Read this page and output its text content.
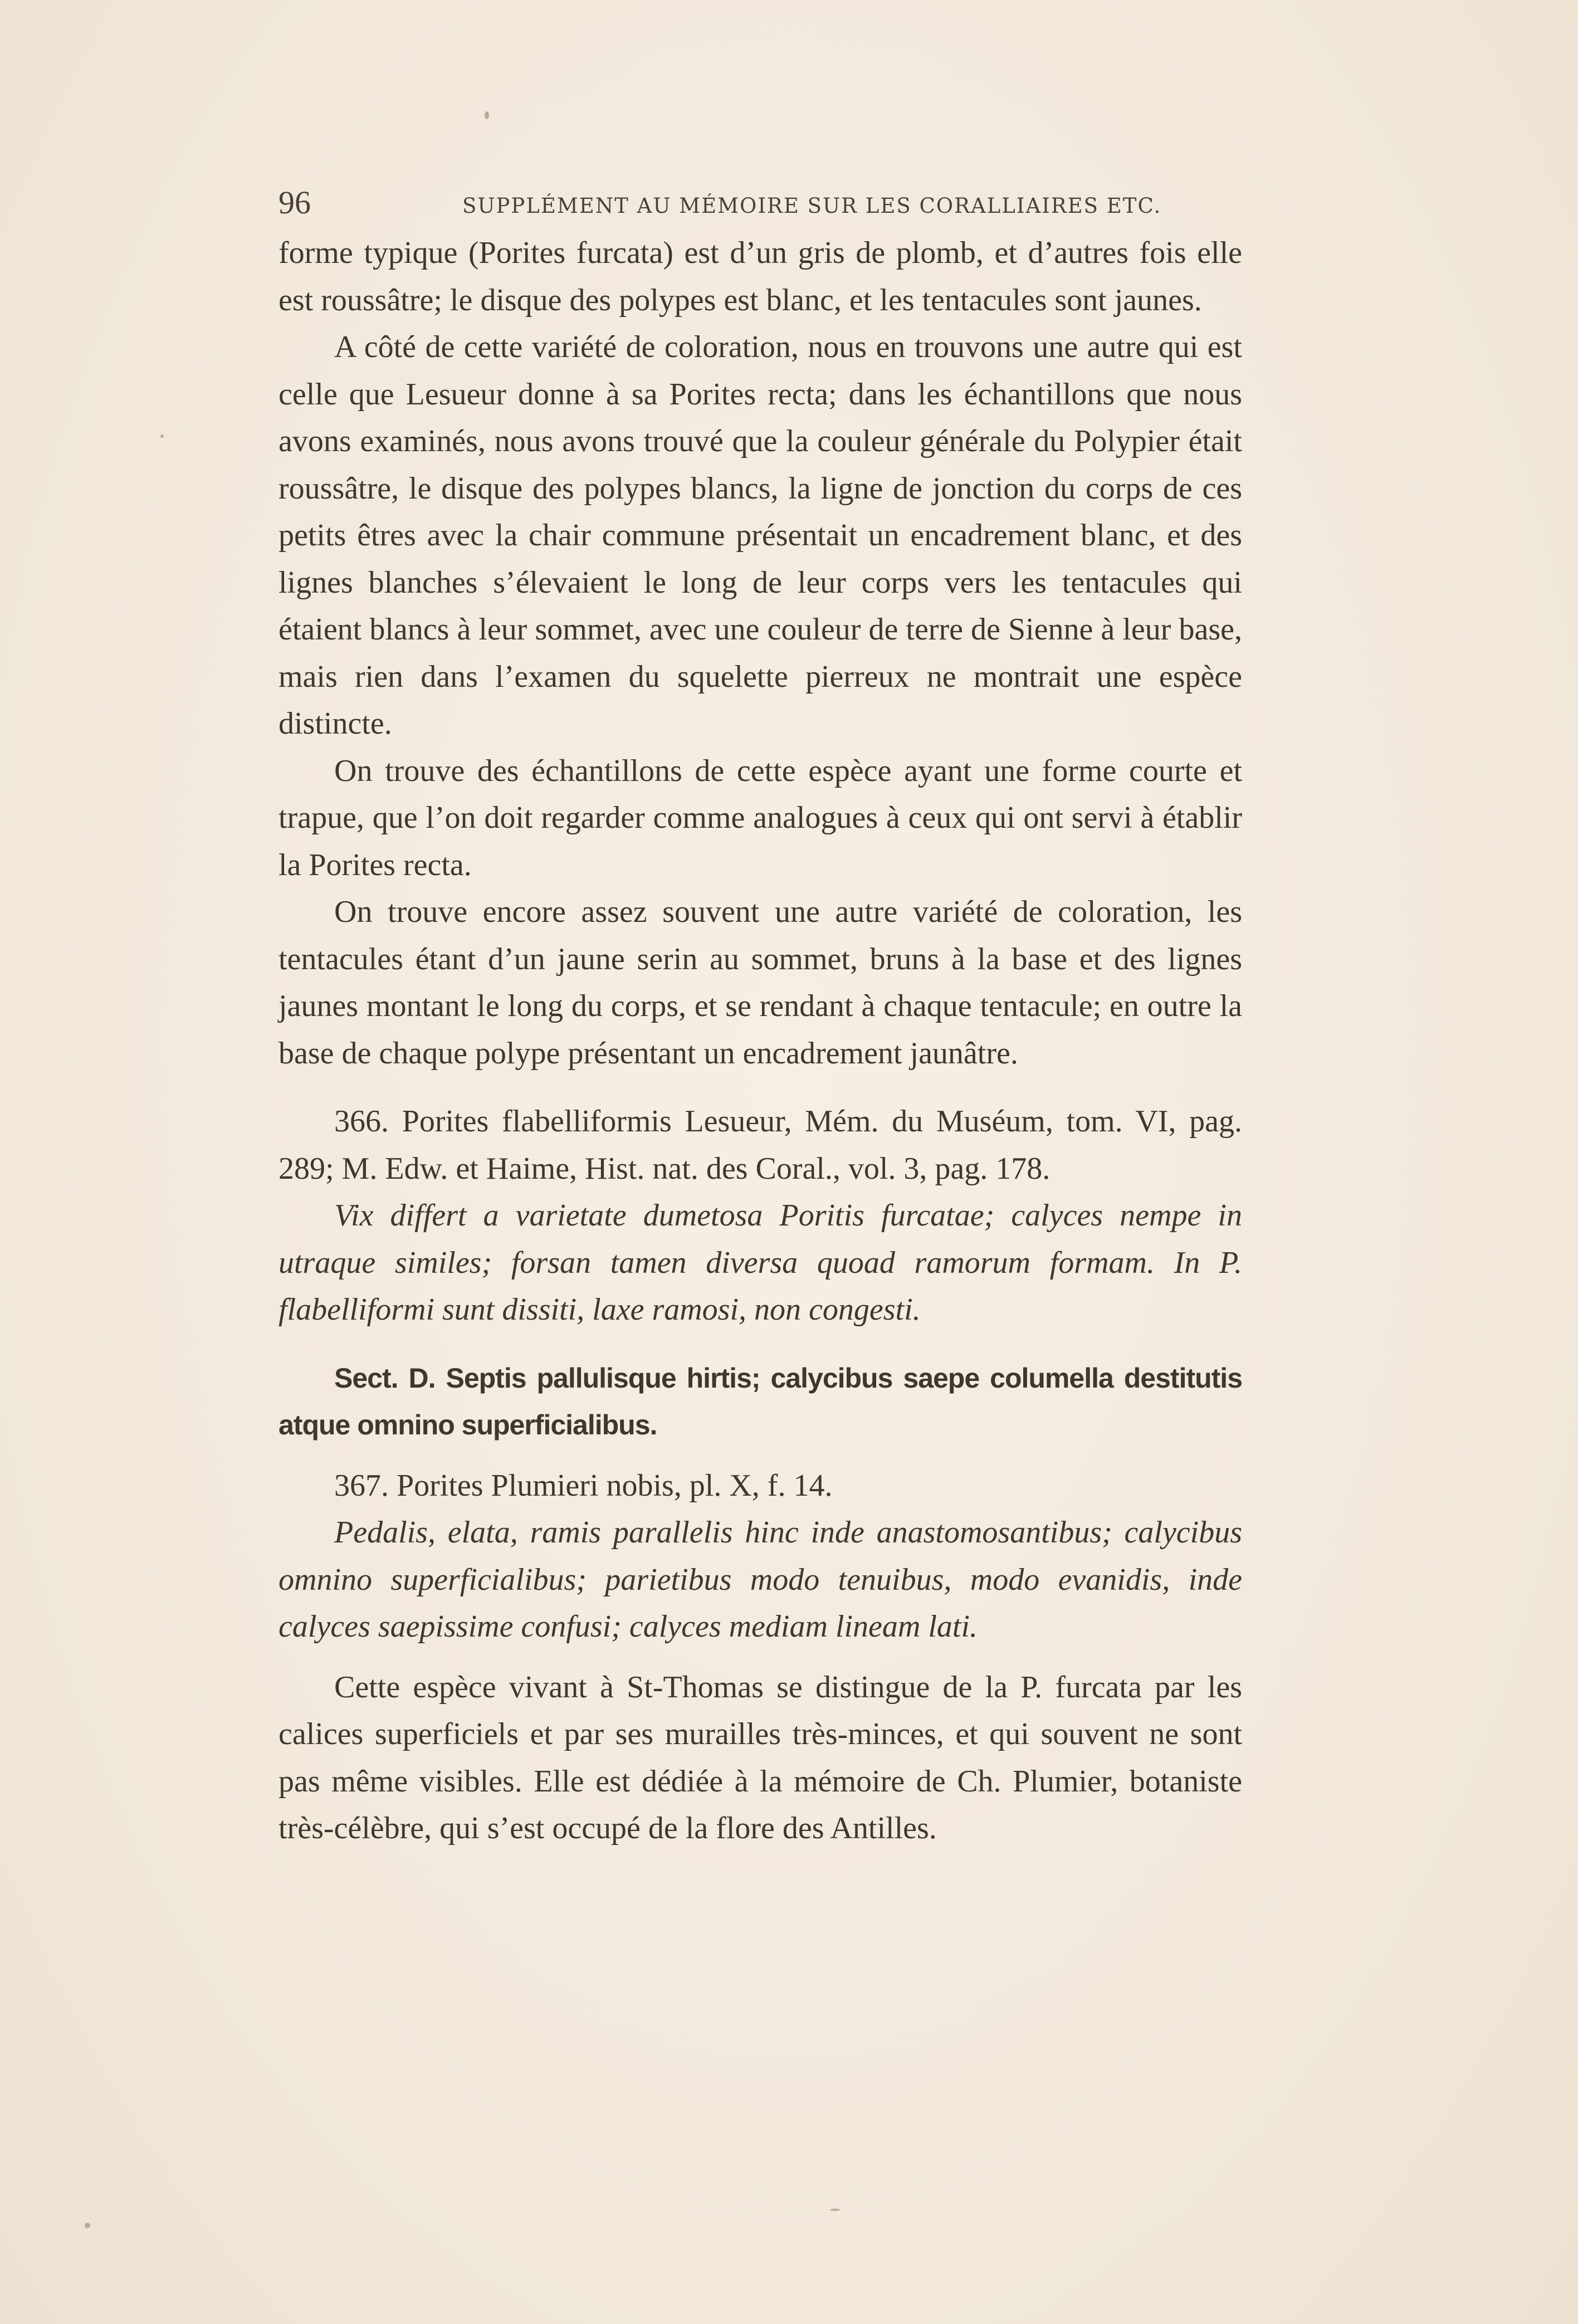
96	SUPPLÉMENT AU MÉMOIRE SUR LES CORALLIAIRES ETC.

forme typique (Porites furcata) est d’un gris de plomb, et d’autres fois elle est roussâtre; le disque des polypes est blanc, et les tentacules sont jaunes.

A côté de cette variété de coloration, nous en trouvons une autre qui est celle que Lesueur donne à sa Porites recta; dans les échantillons que nous avons examinés, nous avons trouvé que la couleur générale du Polypier était roussâtre, le disque des polypes blancs, la ligne de jonction du corps de ces petits êtres avec la chair commune présentait un encadrement blanc, et des lignes blanches s’élevaient le long de leur corps vers les tentacules qui étaient blancs à leur sommet, avec une couleur de terre de Sienne à leur base, mais rien dans l’examen du squelette pierreux ne montrait une espèce distincte.

On trouve des échantillons de cette espèce ayant une forme courte et trapue, que l’on doit regarder comme analogues à ceux qui ont servi à établir la Porites recta.

On trouve encore assez souvent une autre variété de coloration, les tentacules étant d’un jaune serin au sommet, bruns à la base et des lignes jaunes montant le long du corps, et se rendant à chaque tentacule; en outre la base de chaque polype présentant un encadrement jaunâtre.

366. Porites flabelliformis Lesueur, Mém. du Muséum, tom. VI, pag. 289; M. Edw. et Haime, Hist. nat. des Coral., vol. 3, pag. 178.

Vix differt a varietate dumetosa Poritis furcatae; calyces nempe in utraque similes; forsan tamen diversa quoad ramorum formam. In P. flabelliformi sunt dissiti, laxe ramosi, non congesti.

Sect. D. Septis pallulisque hirtis; calycibus saepe columella destitutis atque omnino superficialibus.

367. Porites Plumieri nobis, pl. X, f. 14.

Pedalis, elata, ramis parallelis hinc inde anastomosantibus; calycibus omnino superficialibus; parietibus modo tenuibus, modo evanidis, inde calyces saepissime confusi; calyces mediam lineam lati.

Cette espèce vivant à St-Thomas se distingue de la P. furcata par les calices superficiels et par ses murailles très-minces, et qui souvent ne sont pas même visibles. Elle est dédiée à la mémoire de Ch. Plumier, botaniste très-célèbre, qui s’est occupé de la flore des Antilles.
